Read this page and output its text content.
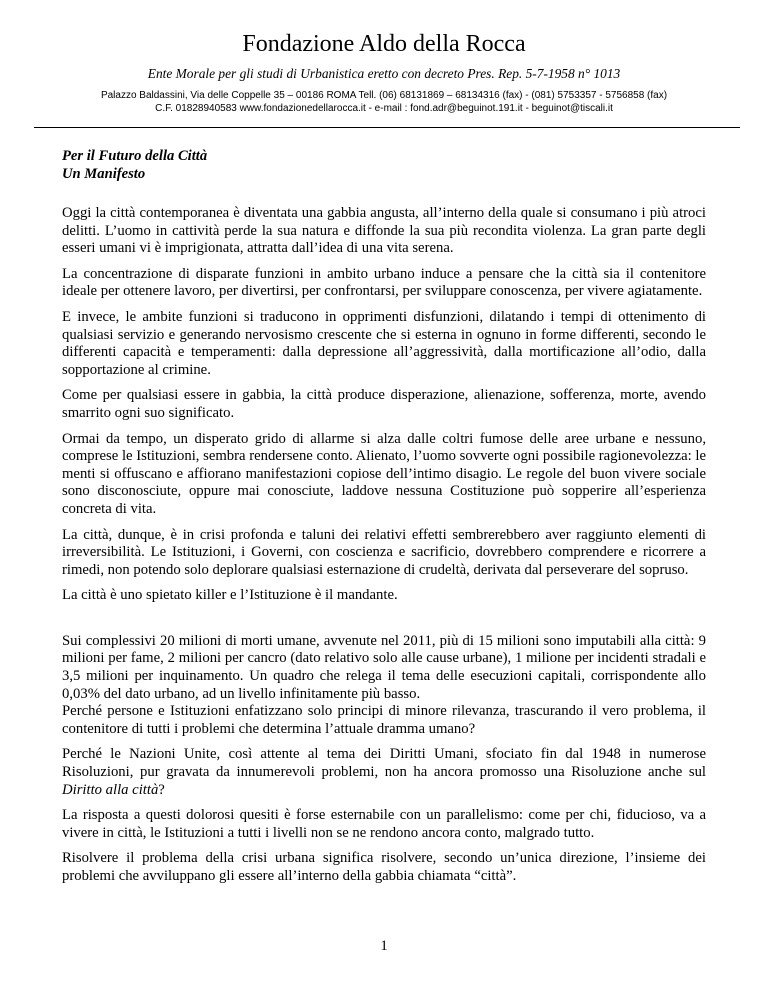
Fondazione Aldo della Rocca
Ente Morale per gli studi di Urbanistica eretto con decreto Pres. Rep. 5-7-1958 n° 1013
Palazzo Baldassini, Via delle Coppelle 35 – 00186 ROMA Tell. (06) 68131869 – 68134316 (fax) - (081) 5753357 - 5756858 (fax)
C.F. 01828940583 www.fondazionedellarocca.it - e-mail : fond.adr@beguinot.191.it - beguinot@tiscali.it
Per il Futuro della Città
Un Manifesto

Oggi la città contemporanea è diventata una gabbia angusta, all’interno della quale si consumano i più atroci delitti. L’uomo in cattività perde la sua natura e diffonde la sua più recondita violenza. La gran parte degli esseri umani vi è imprigionata, attratta dall’idea di una vita serena.

La concentrazione di disparate funzioni in ambito urbano induce a pensare che la città sia il contenitore ideale per ottenere lavoro, per divertirsi, per confrontarsi, per sviluppare conoscenza, per vivere agiatamente.

E invece, le ambite funzioni si traducono in opprimenti disfunzioni, dilatando i tempi di ottenimento di qualsiasi servizio e generando nervosismo crescente che si esterna in ognuno in forme differenti, secondo le differenti capacità e temperamenti: dalla depressione all’aggressività, dalla mortificazione all’odio, dalla sopportazione al crimine.

Come per qualsiasi essere in gabbia, la città produce disperazione, alienazione, sofferenza, morte, avendo smarrito ogni suo significato.

Ormai da tempo, un disperato grido di allarme si alza dalle coltri fumose delle aree urbane e nessuno, comprese le Istituzioni, sembra rendersene conto. Alienato, l’uomo sovverte ogni possibile ragionevolezza: le menti si offuscano e affiorano manifestazioni copiose dell’intimo disagio. Le regole del buon vivere sociale sono disconosciute, oppure mai conosciute, laddove nessuna Costituzione può sopperire all’esperienza concreta di vita.

La città, dunque, è in crisi profonda e taluni dei relativi effetti sembrerebbero aver raggiunto elementi di irreversibilità. Le Istituzioni, i Governi, con coscienza e sacrificio, dovrebbero comprendere e ricorrere a rimedi, non potendo solo deplorare qualsiasi esternazione di crudeltà, derivata dal perseverare del sopruso.

La città è uno spietato killer e l’Istituzione è il mandante.

Sui complessivi 20 milioni di morti umane, avvenute nel 2011, più di 15 milioni sono imputabili alla città: 9 milioni per fame, 2 milioni per cancro (dato relativo solo alle cause urbane), 1 milione per incidenti stradali e 3,5 milioni per inquinamento. Un quadro che relega il tema delle esecuzioni capitali, corrispondente allo 0,03% del dato urbano, ad un livello infinitamente più basso.

Perché persone e Istituzioni enfatizzano solo principi di minore rilevanza, trascurando il vero problema, il contenitore di tutti i problemi che determina l’attuale dramma umano?

Perché le Nazioni Unite, così attente al tema dei Diritti Umani, sfociato fin dal 1948 in numerose Risoluzioni, pur gravata da innumerevoli problemi, non ha ancora promosso una Risoluzione anche sul Diritto alla città?

La risposta a questi dolorosi quesiti è forse esternabile con un parallelismo: come per chi, fiducioso, va a vivere in città, le Istituzioni a tutti i livelli non se ne rendono ancora conto, malgrado tutto.

Risolvere il problema della crisi urbana significa risolvere, secondo un’unica direzione, l’insieme dei problemi che avviluppano gli essere all’interno della gabbia chiamata “città”.

1
